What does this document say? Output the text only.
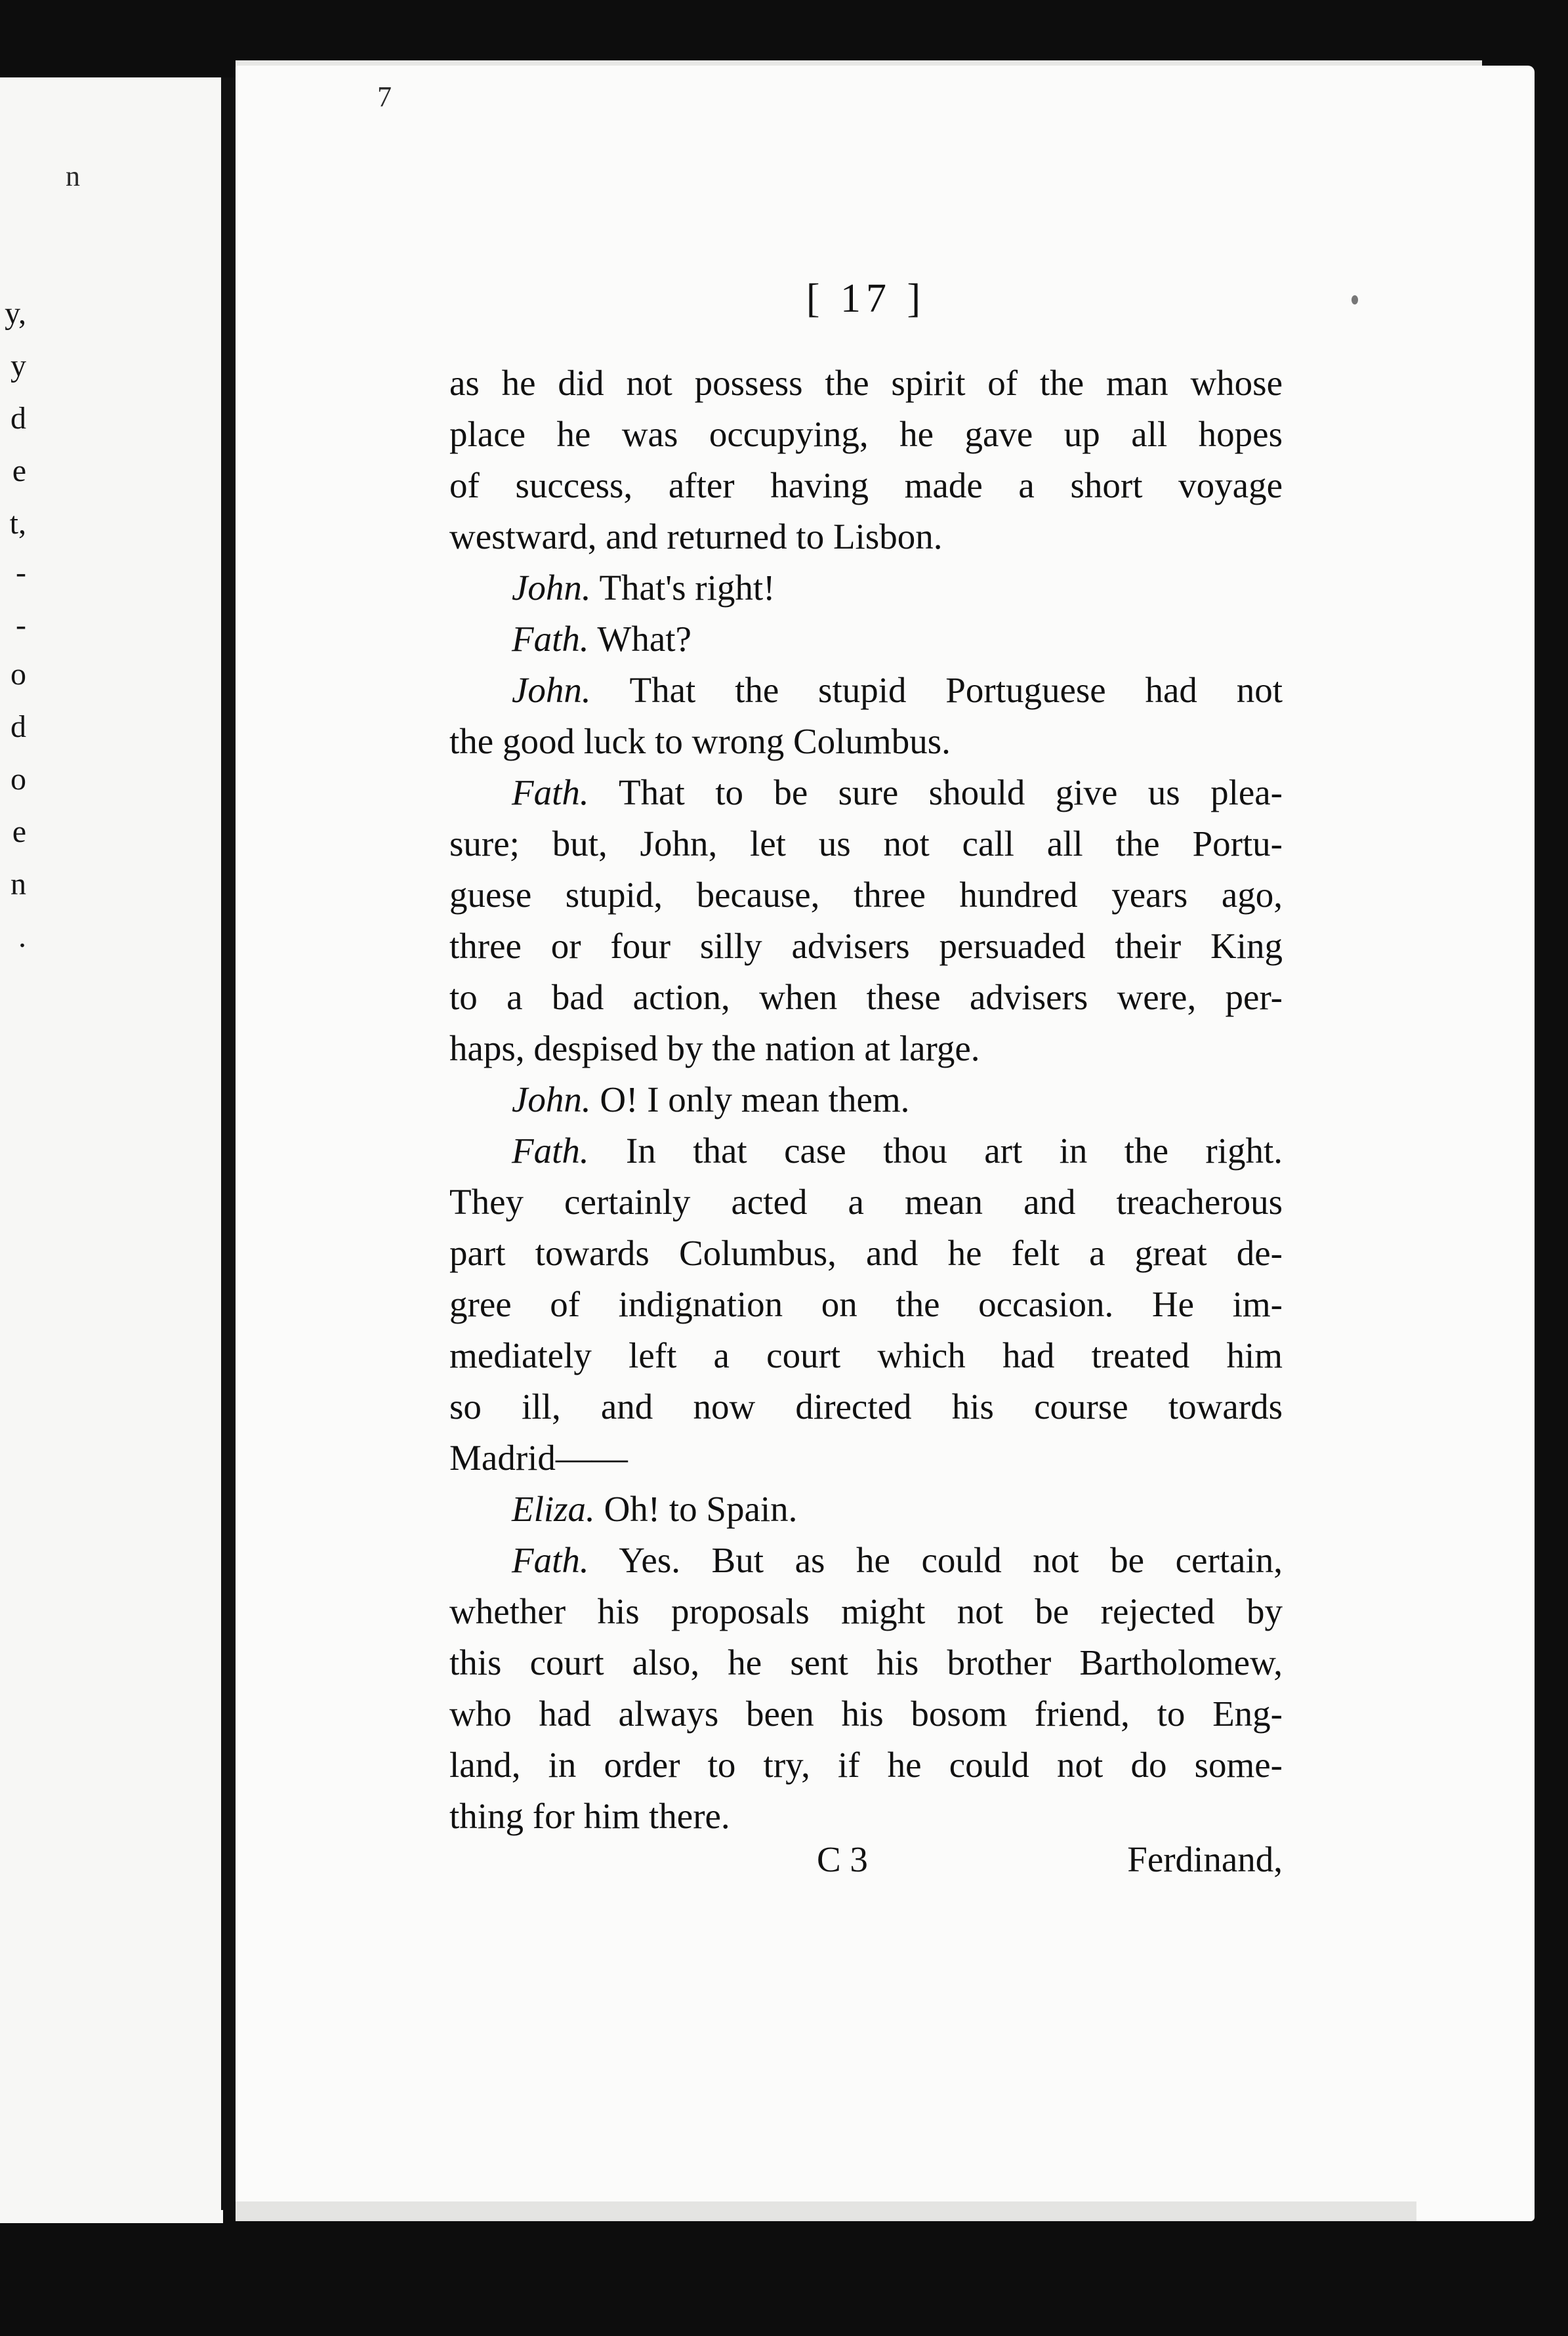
n
y,
y
d
e
t,
-
-
o
d
o
e
n
.
7
[ 17 ]
as he did not possess the spirit of the man whose
place he was occupying, he gave up all hopes
of success, after having made a short voyage
westward, and returned to Lisbon.
John. That's right!
Fath. What?
John. That the stupid Portuguese had not
the good luck to wrong Columbus.
Fath. That to be sure should give us plea-
sure; but, John, let us not call all the Portu-
guese stupid, because, three hundred years ago,
three or four silly advisers persuaded their King
to a bad action, when these advisers were, per-
haps, despised by the nation at large.
John. O! I only mean them.
Fath. In that case thou art in the right.
They certainly acted a mean and treacherous
part towards Columbus, and he felt a great de-
gree of indignation on the occasion. He im-
mediately left a court which had treated him
so ill, and now directed his course towards
Madrid——
Eliza. Oh! to Spain.
Fath. Yes. But as he could not be certain,
whether his proposals might not be rejected by
this court also, he sent his brother Bartholomew,
who had always been his bosom friend, to Eng-
land, in order to try, if he could not do some-
thing for him there.
C 3	Ferdinand,
